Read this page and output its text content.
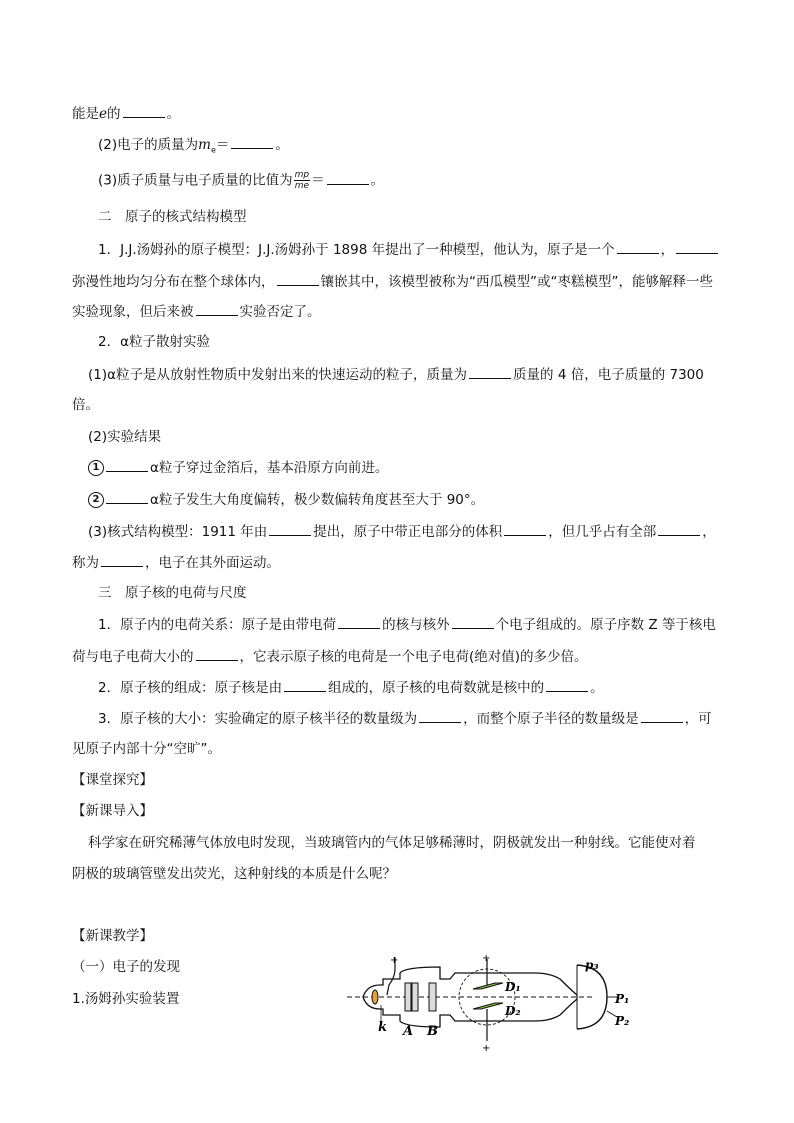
能是e的	。
(2)电子的质量为$m_e=$	。
(3)质子质量与电子质量的比值为 $\frac{mp}{me}$ ＝	。
二　原子的核式结构模型
1．J.J.汤姆孙的原子模型：J.J.汤姆孙于 1898 年提出了一种模型，他认为，原子是一个	，
弥漫性地均匀分布在整个球体内，	镶嵌其中，该模型被称为“西瓜模型”或“枣糕模型”，能够解释一些
实验现象，但后来被	实验否定了。
2．α粒子散射实验
(1)α粒子是从放射性物质中发射出来的快速运动的粒子，质量为	质量的 4 倍，电子质量的 7300
倍。
(2)实验结果
1	α粒子穿过金箔后，基本沿原方向前进。
2	α粒子发生大角度偏转，极少数偏转角度甚至大于 90°。
(3)核式结构模型：1911 年由	提出，原子中带正电部分的体积	，但几乎占有全部	，
称为	，电子在其外面运动。
三　原子核的电荷与尺度
1．原子内的电荷关系：原子是由带电荷	的核与核外	个电子组成的。原子序数 Z 等于核电
荷与电子电荷大小的	，它表示原子核的电荷是一个电子电荷(绝对值)的多少倍。
2．原子核的组成：原子核是由	组成的，原子核的电荷数就是核中的	。
3．原子核的大小：实验确定的原子核半径的数量级为	，而整个原子半径的数量级是	，可
见原子内部十分“空旷”。
【课堂探究】
【新课导入】
科学家在研究稀薄气体放电时发现，当玻璃管内的气体足够稀薄时，阴极就发出一种射线。它能使对着
阴极的玻璃管壁发出荧光，这种射线的本质是什么呢？
【新课教学】
（一）电子的发现
1.汤姆孙实验装置
+
k A B
+
+
D₁
D₂
p₃
P₁
P₂
